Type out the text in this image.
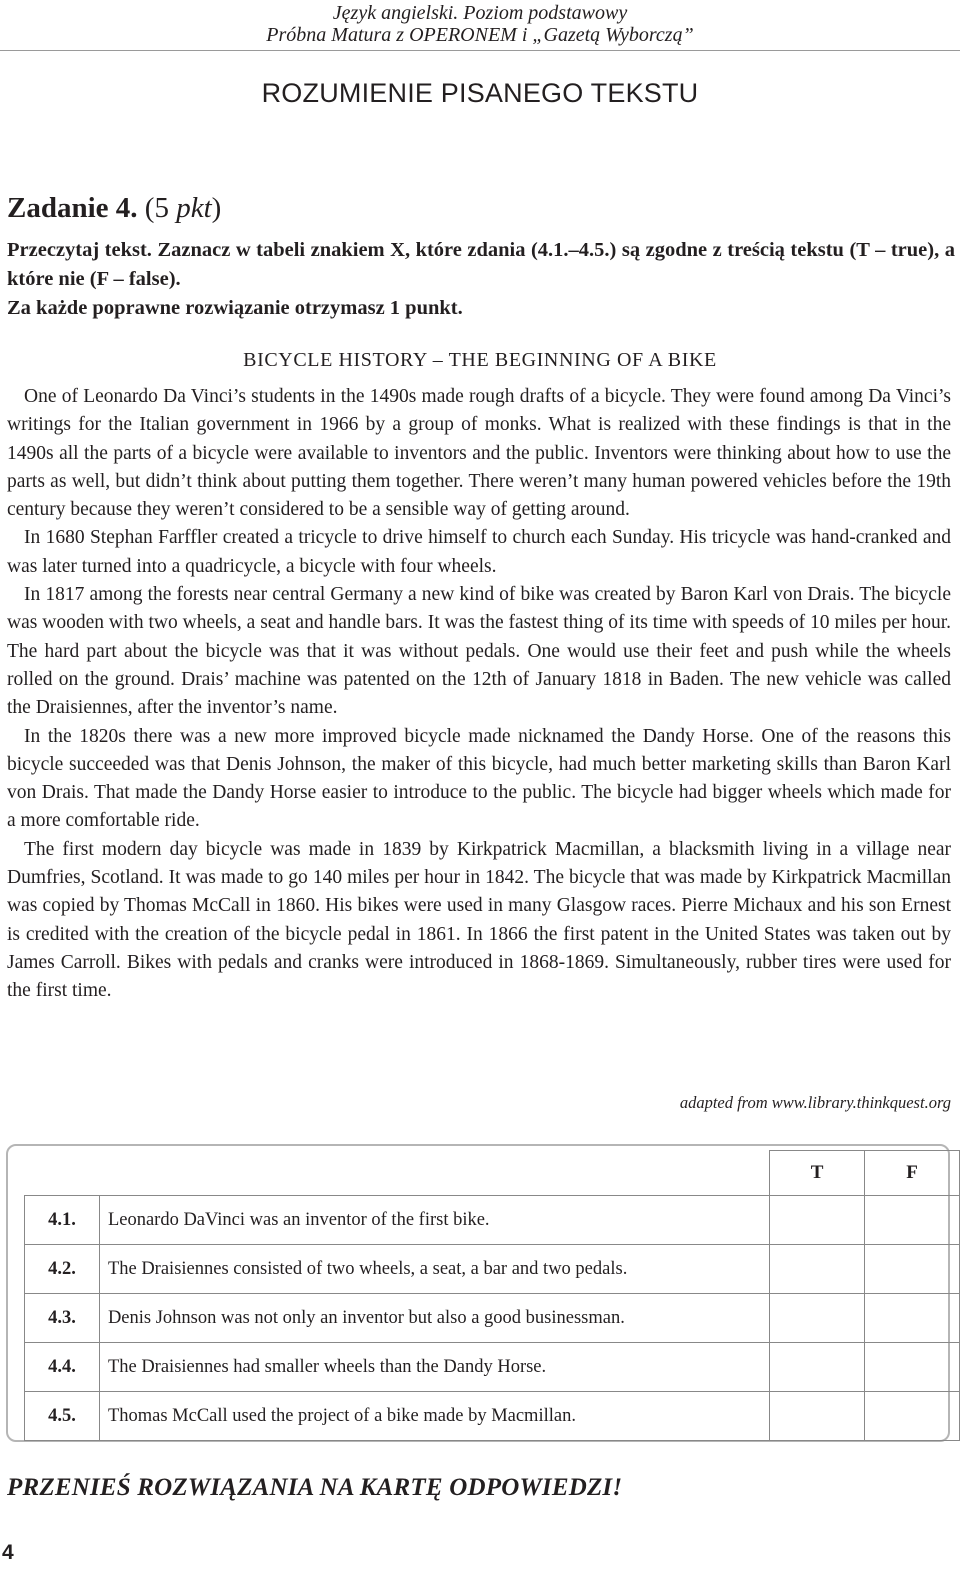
Język angielski. Poziom podstawowy
Próbna Matura z OPERONEM i „Gazetą Wyborczą”
ROZUMIENIE PISANEGO TEKSTU
Zadanie 4. (5 pkt)

Przeczytaj tekst. Zaznacz w tabeli znakiem X, które zdania (4.1.–4.5.) są zgodne z treścią tekstu (T – true), a które nie (F – false).

Za każde poprawne rozwiązanie otrzymasz 1 punkt.

BICYCLE HISTORY – THE BEGINNING OF A BIKE

One of Leonardo Da Vinci’s students in the 1490s made rough drafts of a bicycle. They were found among Da Vinci’s writings for the Italian government in 1966 by a group of monks. What is realized with these findings is that in the 1490s all the parts of a bicycle were available to inventors and the public. Inventors were thinking about how to use the parts as well, but didn’t think about putting them together. There weren’t many human powered vehicles before the 19th century because they weren’t considered to be a sensible way of getting around.

In 1680 Stephan Farffler created a tricycle to drive himself to church each Sunday. His tricycle was hand-cranked and was later turned into a quadricycle, a bicycle with four wheels.

In 1817 among the forests near central Germany a new kind of bike was created by Baron Karl von Drais. The bicycle was wooden with two wheels, a seat and handle bars. It was the fastest thing of its time with speeds of 10 miles per hour. The hard part about the bicycle was that it was without pedals. One would use their feet and push while the wheels rolled on the ground. Drais’ machine was patented on the 12th of January 1818 in Baden. The new vehicle was called the Draisiennes, after the inventor’s name.

In the 1820s there was a new more improved bicycle made nicknamed the Dandy Horse. One of the reasons this bicycle succeeded was that Denis Johnson, the maker of this bicycle, had much better marketing skills than Baron Karl von Drais. That made the Dandy Horse easier to introduce to the public. The bicycle had bigger wheels which made for a more comfortable ride.

The first modern day bicycle was made in 1839 by Kirkpatrick Macmillan, a blacksmith living in a village near Dumfries, Scotland. It was made to go 140 miles per hour in 1842. The bicycle that was made by Kirkpatrick Macmillan was copied by Thomas McCall in 1860. His bikes were used in many Glasgow races. Pierre Michaux and his son Ernest is credited with the creation of the bicycle pedal in 1861. In 1866 the first patent in the United States was taken out by James Carroll. Bikes with pedals and cranks were introduced in 1868-1869. Simultaneously, rubber tires were used for the first time.

adapted from www.library.thinkquest.org
		T	F
4.1.	Leonardo DaVinci was an inventor of the first bike.		
4.2.	The Draisiennes consisted of two wheels, a seat, a bar and two pedals.		
4.3.	Denis Johnson was not only an inventor but also a good businessman.		
4.4.	The Draisiennes had smaller wheels than the Dandy Horse.		
4.5.	Thomas McCall used the project of a bike made by Macmillan.		
PRZENIEŚ ROZWIĄZANIA NA KARTĘ ODPOWIEDZI!
4
